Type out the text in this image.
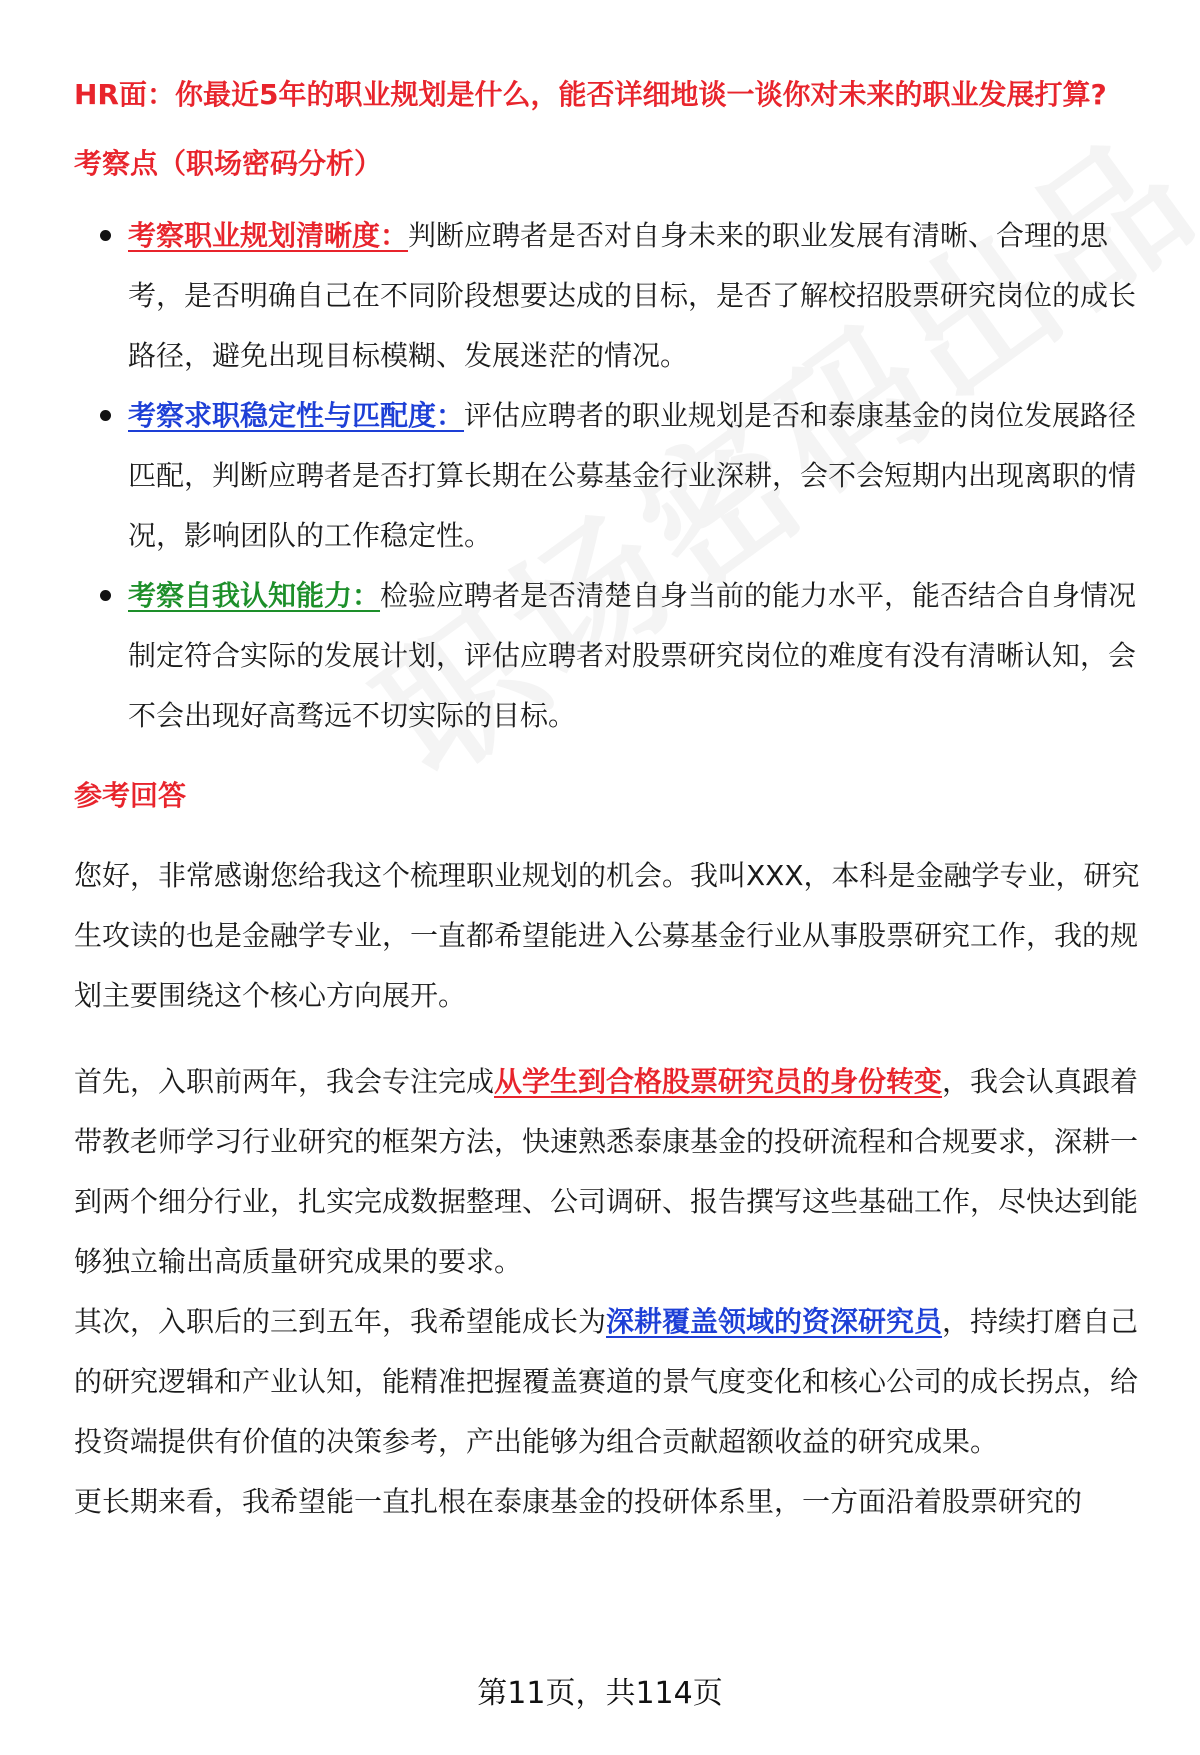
HR面：你最近5年的职业规划是什么，能否详细地谈一谈你对未来的职业发展打算?

考察点（职场密码分析）
考察职业规划清晰度：判断应聘者是否对自身未来的职业发展有清晰、合理的思考，是否明确自己在不同阶段想要达成的目标，是否了解校招股票研究岗位的成长路径，避免出现目标模糊、发展迷茫的情况。
考察求职稳定性与匹配度：评估应聘者的职业规划是否和泰康基金的岗位发展路径匹配，判断应聘者是否打算长期在公募基金行业深耕，会不会短期内出现离职的情况，影响团队的工作稳定性。
考察自我认知能力：检验应聘者是否清楚自身当前的能力水平，能否结合自身情况制定符合实际的发展计划，评估应聘者对股票研究岗位的难度有没有清晰认知，会不会出现好高骛远不切实际的目标。
参考回答

您好，非常感谢您给我这个梳理职业规划的机会。我叫XXX，本科是金融学专业，研究生攻读的也是金融学专业，一直都希望能进入公募基金行业从事股票研究工作，我的规划主要围绕这个核心方向展开。

首先，入职前两年，我会专注完成从学生到合格股票研究员的身份转变，我会认真跟着带教老师学习行业研究的框架方法，快速熟悉泰康基金的投研流程和合规要求，深耕一到两个细分行业，扎实完成数据整理、公司调研、报告撰写这些基础工作，尽快达到能够独立输出高质量研究成果的要求。

其次，入职后的三到五年，我希望能成长为深耕覆盖领域的资深研究员，持续打磨自己的研究逻辑和产业认知，能精准把握覆盖赛道的景气度变化和核心公司的成长拐点，给投资端提供有价值的决策参考，产出能够为组合贡献超额收益的研究成果。

更长期来看，我希望能一直扎根在泰康基金的投研体系里，一方面沿着股票研究的

第11页，共114页
